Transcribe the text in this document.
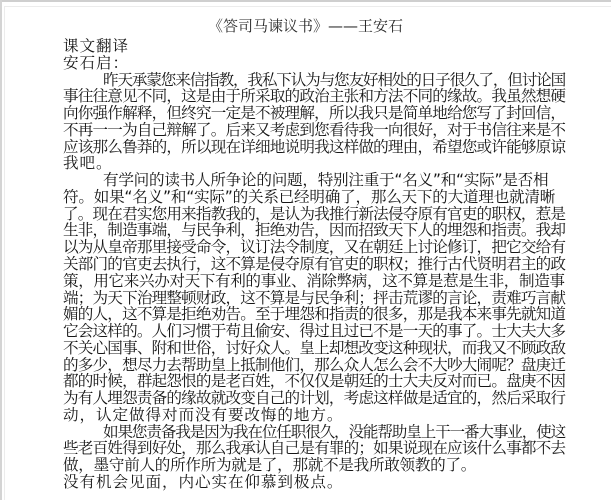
《答司马谏议书》——王安石
课文翻译
安石启：
昨天承蒙您来信指教，我私下认为与您友好相处的日子很久了，但讨论国
事往往意见不同，这是由于所采取的政治主张和方法不同的缘故。我虽然想硬
向你强作解释，但终究一定是不被理解，所以我只是简单地给您写了封回信，
不再一一为自己辩解了。后来又考虑到您看待我一向很好，对于书信往来是不
应该那么鲁莽的，所以现在详细地说明我这样做的理由，希望您或许能够原谅
我吧。
有学问的读书人所争论的问题，特别注重于“名义”和“实际”是否相
符。如果“名义”和“实际”的关系已经明确了，那么天下的大道理也就清晰
了。现在君实您用来指教我的，是认为我推行新法侵夺原有官吏的职权，惹是
生非，制造事端，与民争利，拒绝劝告，因而招致天下人的埋怨和指责。我却
以为从皇帝那里接受命令，议订法令制度，又在朝廷上讨论修订，把它交给有
关部门的官吏去执行，这不算是侵夺原有官吏的职权；推行古代贤明君主的政
策，用它来兴办对天下有利的事业、消除弊病，这不算是惹是生非，制造事
端；为天下治理整顿财政，这不算是与民争利；抨击荒谬的言论，责难巧言献
媚的人，这不算是拒绝劝告。至于埋怨和指责的很多，那是我本来事先就知道
它会这样的。人们习惯于苟且偷安、得过且过已不是一天的事了。士大夫大多
不关心国事、附和世俗，讨好众人。皇上却想改变这种现状，而我又不顾政敌
的多少，想尽力去帮助皇上抵制他们，那么众人怎么会不大吵大闹呢？盘庚迁
都的时候，群起怨恨的是老百姓，不仅仅是朝廷的士大夫反对而已。盘庚不因
为有人埋怨责备的缘故就改变自己的计划，考虑这样做是适宜的，然后采取行
动，认定做得对而没有要改悔的地方。
如果您责备我是因为我在位任职很久，没能帮助皇上干一番大事业，使这
些老百姓得到好处，那么我承认自己是有罪的；如果说现在应该什么事都不去
做，墨守前人的所作所为就是了，那就不是我所敢领教的了。
没有机会见面，内心实在仰慕到极点。
